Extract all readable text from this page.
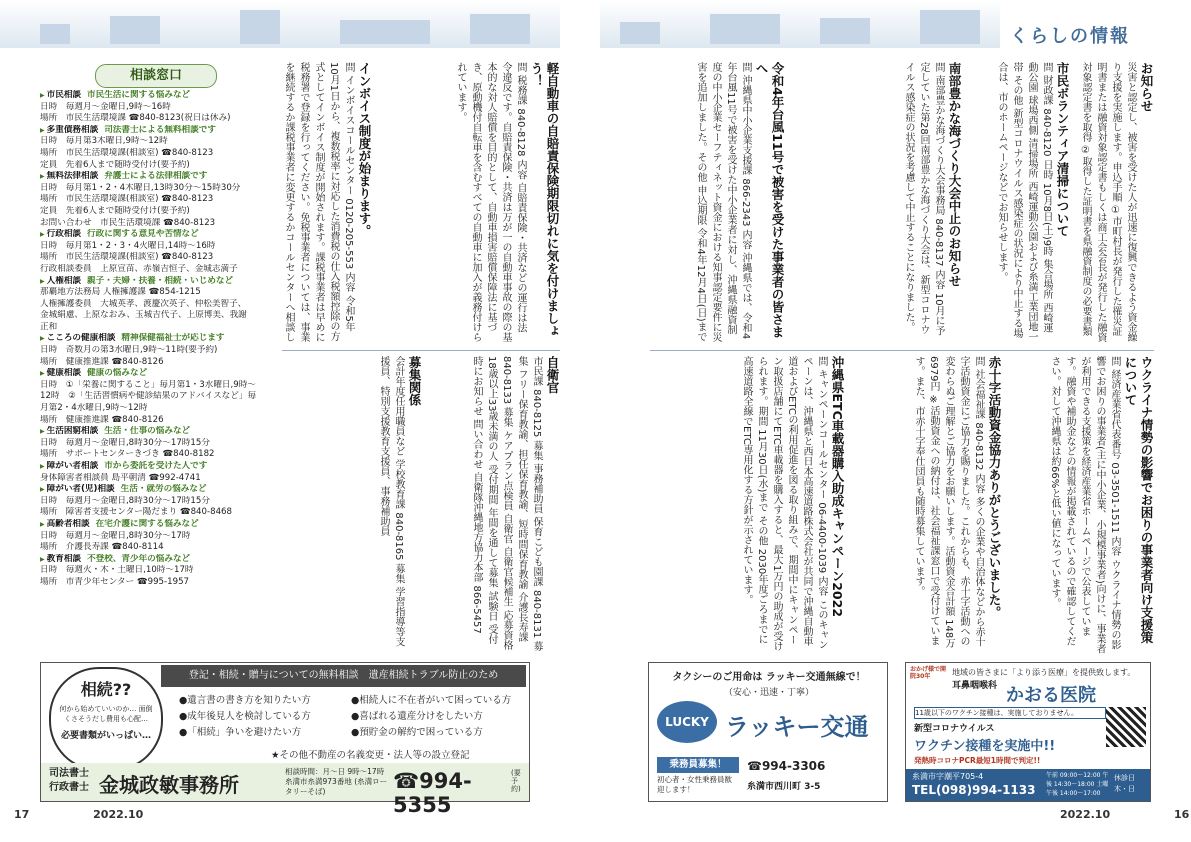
くらしの情報
相談窓口
▶ 市民相談 市民生活に関する悩みなど
日時　毎週月～金曜日,9時～16時
場所　市民生活環境課 ☎840-8123(祝日は休み)
▶ 多重債務相談 司法書士による無料相談です
日時　毎月第3木曜日,9時～12時
場所　市民生活環境課(相談室) ☎840-8123
定員　先着6人まで随時受付け(要予約)
▶ 無料法律相談 弁護士による法律相談です
日時　毎月第1・2・4木曜日,13時30分～15時30分
場所　市民生活環境課(相談室) ☎840-8123
定員　先着6人まで随時受付け(要予約)
お問い合わせ　市民生活環境課 ☎840-8123
▶ 行政相談 行政に関する意見や苦情など
日時　毎月第1・2・3・4火曜日,14時～16時
場所　市民生活環境課(相談室) ☎840-8123
行政相談委員　上原宣苗、赤嶺吉恒子、金城志満子
▶ 人権相談 親子・夫婦・扶養・相続・いじめなど
那覇地方法務局 人権擁護課 ☎854-1215
人権擁護委員　大城英孝、渡慶次英子、仲松美智子、
金城絹慮、上原なおみ、玉城吉代子、上原博美、我謝
正和
▶ こころの健康相談 精神保健福祉士が応じます
日時　奇数月の第3水曜日,9時～11時(要予約)
場所　健康推進課 ☎840-8126
▶ 健康相談 健康の悩みなど
日時　①「栄養に関すること」毎月第1・3水曜日,9時～
12時　②「生活習慣病や健診結果のアドバイスなど」毎
月第2・4水曜日,9時～12時
場所　健康推進課 ☎840-8126
▶ 生活困窮相談 生活・仕事の悩みなど
日時　毎週月～金曜日,8時30分～17時15分
場所　サポートセンターきづき ☎840-8182
▶ 障がい者相談 市から委託を受けた人です
身体障害者相談員 島平朝清 ☎992-4741
▶ 障がい者(児)相談 生活・就労の悩みなど
日時　毎週月～金曜日,8時30分～17時15分
場所　障害者支援センター陽だまり ☎840-8468
▶ 高齢者相談 在宅介護に関する悩みなど
日時　毎週月～金曜日,8時30分～17時
場所　介護長寿課 ☎840-8114
▶ 教育相談 不登校、青少年の悩みなど
日時　毎週火・木・土曜日,10時～17時
場所　市青少年センター ☎995-1957
インボイス制度が始まります。
問 インボイスコールセンター 0120-205-553 内容 令和5年10月1日から、複数税率に対応した消費税の仕入税額控除の方式としてインボイス制度が開始されます。課税事業者は早めに税務署で登録を行ってください。免税事業者については、事業を継続するか課税事業者に変更するかコールセンターへ相談し	軽自動車の自賠責保険期限切れに気を付けましょう！
問 税務課 840-8128 内容 自賠責保険・共済などの運行は法令違反です。自賠責保険・共済は万が一の自動車事故の際の基本的な対人賠償を目的として、自動車損害賠償保障法に基づき、原動機付自転車を含むすべての自動車に加入が義務付けられています。
募集関係
会計年度任用職員など 学校教育課 840-8165 募集 学習指導等支援員、特別支援教育支援員、事務補助員	自衛官
市民課 840-8125 募集 事務補助員 保育こども園課 840-8131 募集 フリー保育教諭、担任保育教諭、短時間保育教諭 介護長寿課 840-8133 募集 ケアプラン点検員 自衛官 自衛官候補生 応募資格 18歳以上33歳未満の人 受付期間 年間を通して募集 試験日 受付時にお知らせ 問い合わせ 自衛隊沖縄地方協力本部 866-5457
令和4年台風11号で被害を受けた事業者の皆さまへ
問 沖縄県中小企業支援課 866-2343 内容 沖縄県では、令和4年台風11号で被害を受けた中小企業者に対し、沖縄県融資制度の中小企業セーフティネット資金における知事認定要件に災害を追加しました。その他 申込期限 令和4年12月4日(日)まで	南部豊かな海づくり大会中止のお知らせ
問 南部豊かな海づくり大会事務局 840-8137 内容 10月に予定していた第28回南部豊かな海づくり大会は、新型コロナウイルス感染症の状況を考慮して中止することになりました。	市民ボランティア清掃について
問 財政課 840-8120 日時 10月8日(土)9時 集合場所 西崎運動公園 球場西側 清掃場所 西崎運動公園および糸満工業団地一帯 その他 新型コロナウイルス感染症の状況により中止する場合は、市のホームページなどでお知らせします。	お知らせ
災害と認定し、被害を受けた人が迅速に復興できるよう資金繰り支援を実施します。申込手順 ①市町村長が発行した罹災証明書または融資対象認定書もしくは商工会会長が発行した融資対象認定書を取得 ②取得した証明書を県融資制度の必要書類
沖縄県ETC車載器購入助成キャンペーン2022
問 キャンペーンコールセンター 06-4400-1039 内容 このキャンペーンは、沖縄県と西日本高速道路株式会社が共同で沖縄自動車道およびETCの利用促進を図る取り組みで、期間中にキャンペーン取扱店舗にてETC車載器を購入すると、最大1万円の助成が受けられます。期間 11月30日(水)まで その他 2030年度ごろまでに高速道路全線でETC専用化する方針が示されています。	赤十字活動資金協力ありがとうございました。
問 社会福祉課 840-8132 内容 多くの企業や自治体などから赤十字活動資金にご協力を賜りました。これからも、赤十字活動への変わらぬご理解とご協力をお願いします。活動資金合計額 148万6979円 ※活動資金への納付は、社会福祉課窓口で受付けています。また、市赤十字奉仕団員も随時募集しています。	ウクライナ情勢の影響でお困りの事業者向け支援策について
問 経済産業省代表番号 03-3501-1511 内容 ウクライナ情勢の影響でお困りの事業者(主に中小企業、小規模事業者)向けに、事業者が利用できる支援策を経済産業省ホームページで公表しています。融資や補助金などの情報が掲載されているので確認してください。対して沖縄県は約66%と低い値になっています。
相続??
何から始めていいのか… 面倒くさそうだし費用も心配…
必要書類がいっぱい…
登記・相続・贈与についての無料相談　遺産相続トラブル防止のため
●遺言書の書き方を知りたい方	●相続人に不在者がいて困っている方●成年後見人を検討している方	●喜ばれる遺産分けをしたい方●「相続」争いを避けたい方	●預貯金の解約で困っている方
★その他不動産の名義変更・法人等の設立登記
司法書士 行政書士 金城政敏事務所
相談時間：月〜日 9時〜17時 糸満市糸満973番地 (糸満ロータリーそば)	☎994-5355
(要予約)
タクシーのご用命は ラッキー交通無線で！
（安心・迅速・丁寧）
LUCKY ラッキー交通
乗務員募集！
初心者・女性乗務員歓迎します！
☎994-3306
糸満市西川町 3-5
おかげ様で開院30年	地域の皆さまに「より添う医療」を提供致します。
耳鼻咽喉科 かおる医院
11歳以下のワクチン接種は、実施しておりません。
新型コロナウイルス
ワクチン接種を実施中!!
発熱時コロナPCR最短1時間で判定!!
糸満市字潮平705-4
TEL(098)994-1133
午前 09:00〜12:00 午後 14:30〜18:00 土曜午後 14:00〜17:00
休診日 木・日
17	2022.10	2022.10	16
